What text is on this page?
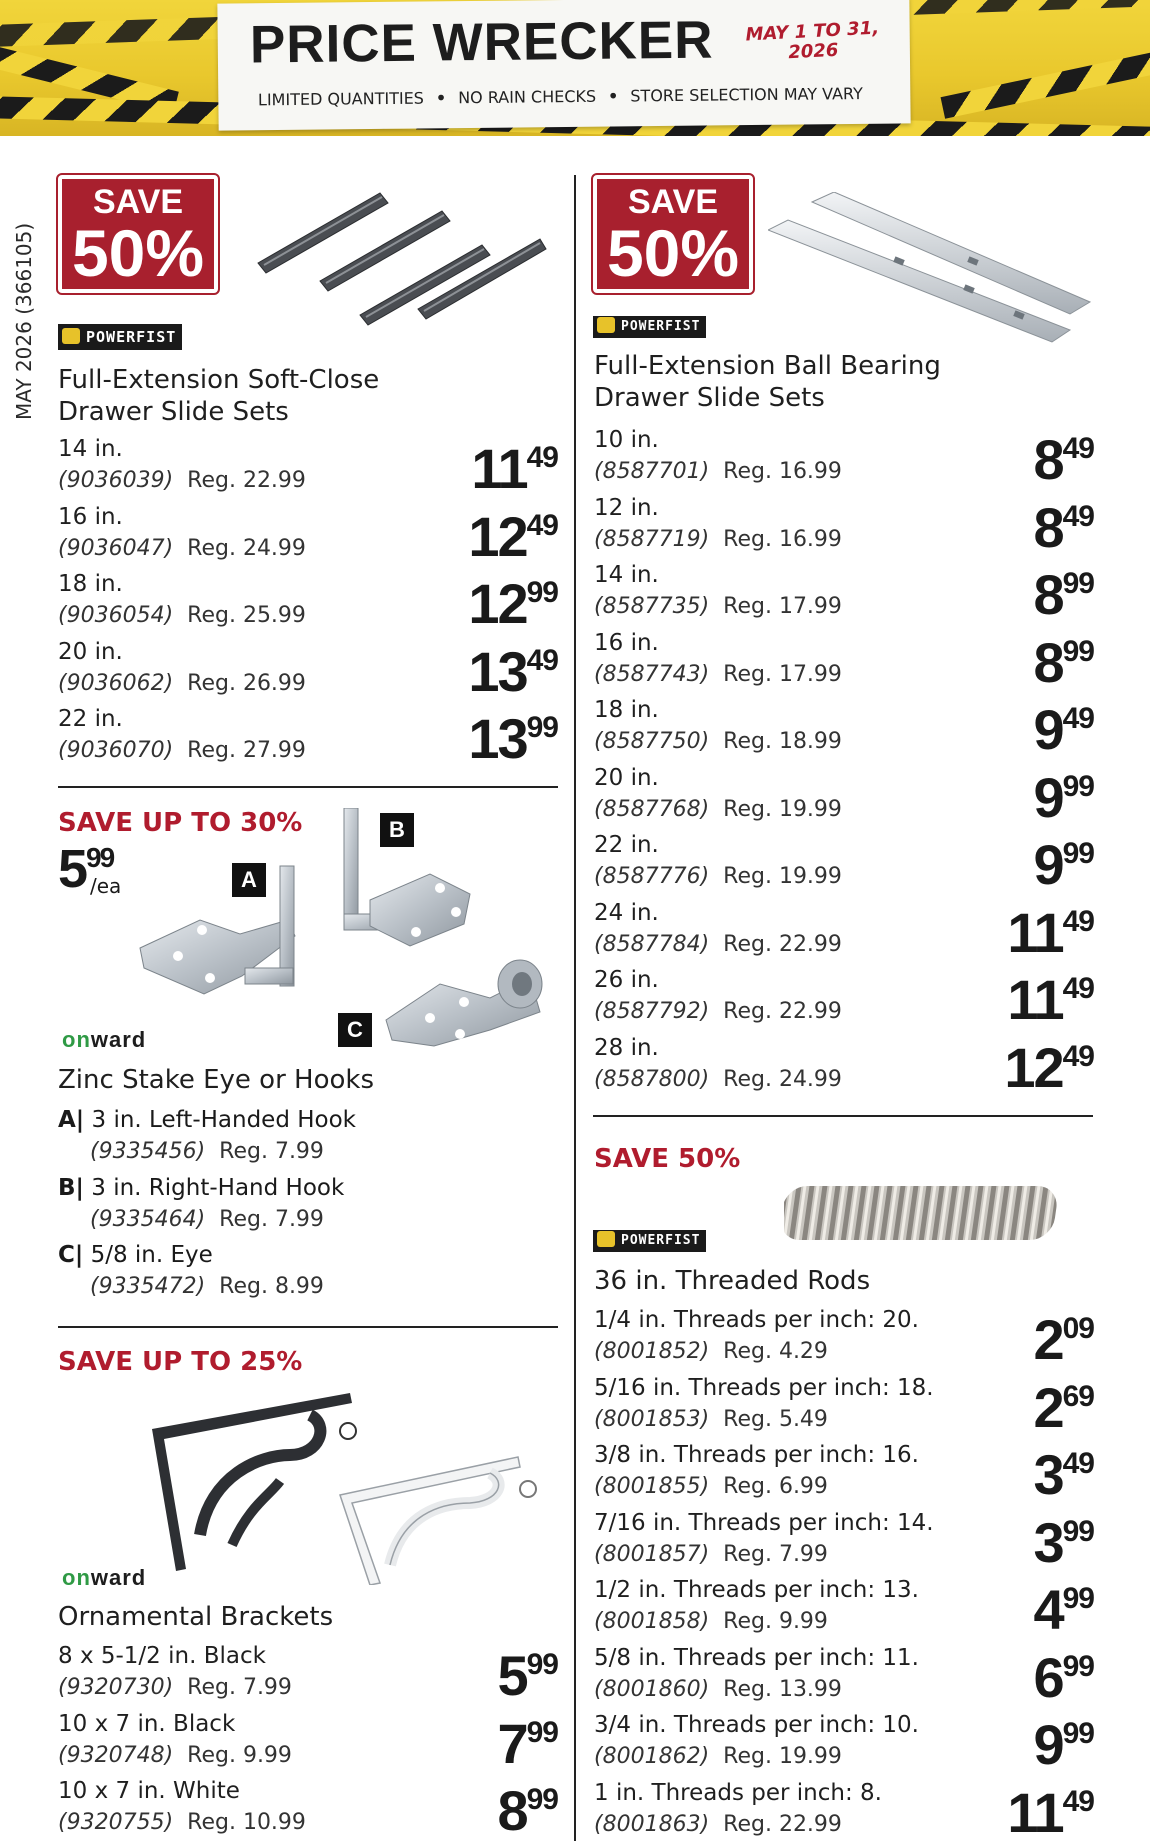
PRICE WRECKER	MAY 1 TO 31,
2026
LIMITED QUANTITIES • NO RAIN CHECKS • STORE SELECTION MAY VARY
MAY 2026 (366105)
SAVE
50%
POWERFIST
Full-Extension Soft-Close
Drawer Slide Sets
14 in.
(9036039) Reg. 22.99	1149
16 in.
(9036047) Reg. 24.99	1249
18 in.
(9036054) Reg. 25.99	1299
20 in.
(9036062) Reg. 26.99	1349
22 in.
(9036070) Reg. 27.99	1399
SAVE UP TO 30%
599
/ea	A
B
C
onward
Zinc Stake Eye or Hooks
A| 3 in. Left-Handed Hook
(9335456) Reg. 7.99
B| 3 in. Right-Hand Hook
(9335464) Reg. 7.99
C| 5/8 in. Eye
(9335472) Reg. 8.99
SAVE UP TO 25%
onward
Ornamental Brackets
8 x 5-1/2 in. Black
(9320730) Reg. 7.99	599
10 x 7 in. Black
(9320748) Reg. 9.99	799
10 x 7 in. White
(9320755) Reg. 10.99	899
SAVE
50%
POWERFIST
Full-Extension Ball Bearing
Drawer Slide Sets
10 in.
(8587701) Reg. 16.99	849
12 in.
(8587719) Reg. 16.99	849
14 in.
(8587735) Reg. 17.99	899
16 in.
(8587743) Reg. 17.99	899
18 in.
(8587750) Reg. 18.99	949
20 in.
(8587768) Reg. 19.99	999
22 in.
(8587776) Reg. 19.99	999
24 in.
(8587784) Reg. 22.99	1149
26 in.
(8587792) Reg. 22.99	1149
28 in.
(8587800) Reg. 24.99	1249
SAVE 50%
POWERFIST
36 in. Threaded Rods
1/4 in. Threads per inch: 20.
(8001852) Reg. 4.29	209
5/16 in. Threads per inch: 18.
(8001853) Reg. 5.49	269
3/8 in. Threads per inch: 16.
(8001855) Reg. 6.99	349
7/16 in. Threads per inch: 14.
(8001857) Reg. 7.99	399
1/2 in. Threads per inch: 13.
(8001858) Reg. 9.99	499
5/8 in. Threads per inch: 11.
(8001860) Reg. 13.99	699
3/4 in. Threads per inch: 10.
(8001862) Reg. 19.99	999
1 in. Threads per inch: 8.
(8001863) Reg. 22.99	1149
